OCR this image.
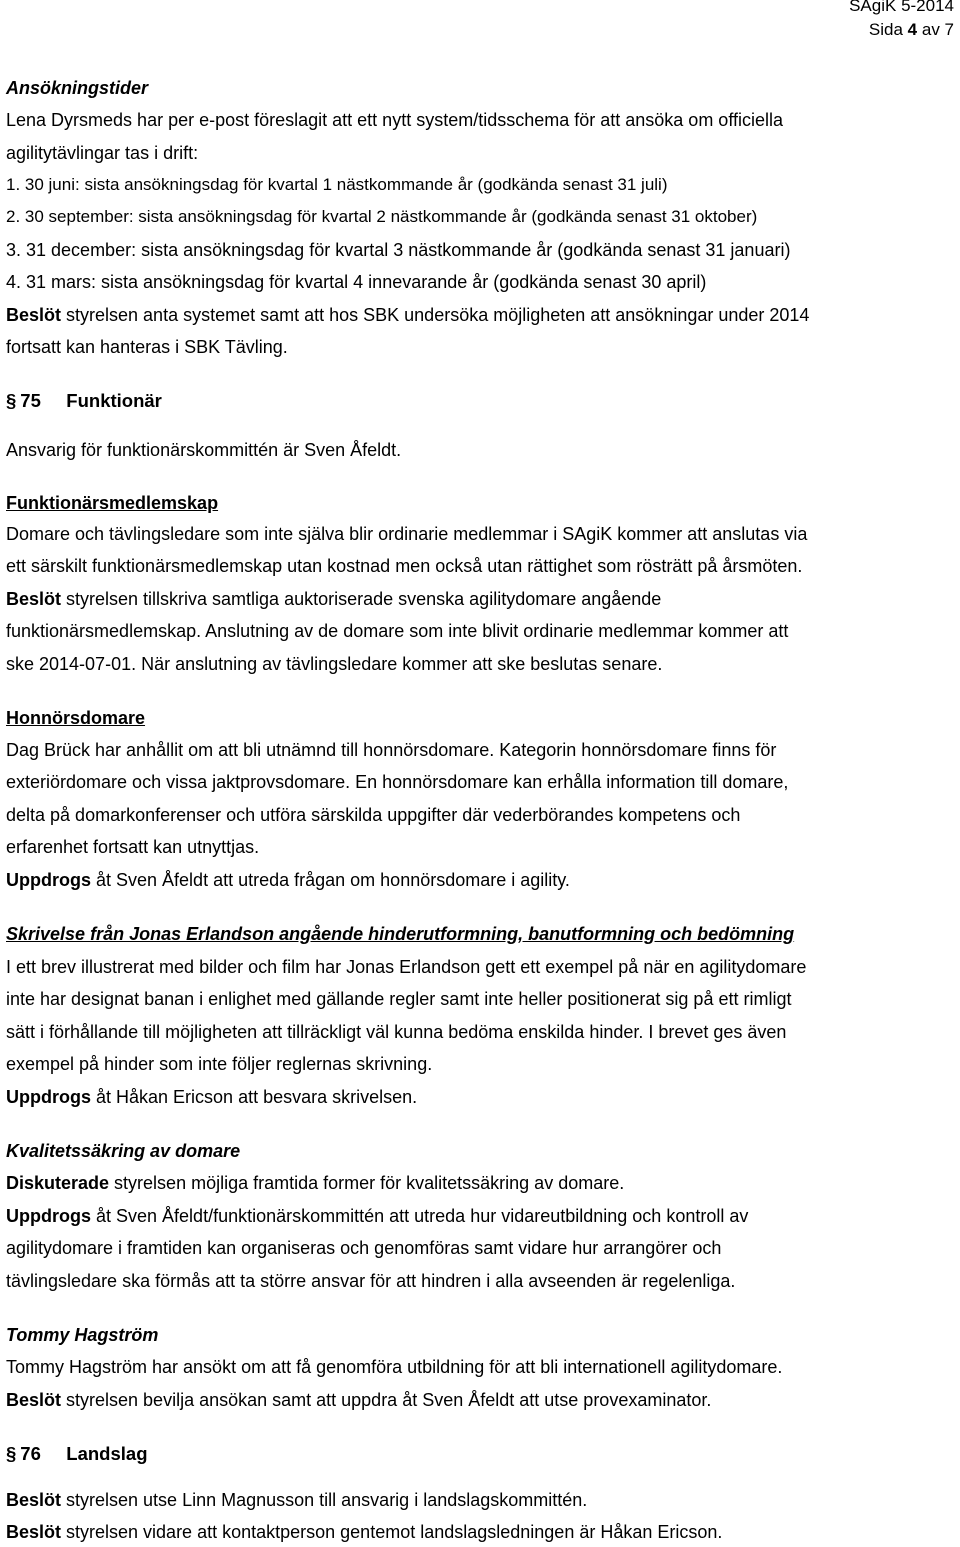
SAgiK 5-2014
Sida 4 av 7
Ansökningstider
Lena Dyrsmeds har per e-post föreslagit att ett nytt system/tidsschema för att ansöka om officiella
agilitytävlingar tas i drift:
1. 30 juni: sista ansökningsdag för kvartal 1 nästkommande år (godkända senast 31 juli)
2. 30 september: sista ansökningsdag för kvartal 2 nästkommande år (godkända senast 31 oktober)
3. 31 december: sista ansökningsdag för kvartal 3 nästkommande år (godkända senast 31 januari)
4. 31 mars: sista ansökningsdag för kvartal 4 innevarande år (godkända senast 30 april)
Beslöt styrelsen anta systemet samt att hos SBK undersöka möjligheten att ansökningar under 2014
fortsatt kan hanteras i SBK Tävling.
§ 75 Funktionär
Ansvarig för funktionärskommittén är Sven Åfeldt.
Funktionärsmedlemskap
Domare och tävlingsledare som inte själva blir ordinarie medlemmar i SAgiK kommer att anslutas via
ett särskilt funktionärsmedlemskap utan kostnad men också utan rättighet som rösträtt på årsmöten.
Beslöt styrelsen tillskriva samtliga auktoriserade svenska agilitydomare angående
funktionärsmedlemskap. Anslutning av de domare som inte blivit ordinarie medlemmar kommer att
ske 2014-07-01. När anslutning av tävlingsledare kommer att ske beslutas senare.
Honnörsdomare
Dag Brück har anhållit om att bli utnämnd till honnörsdomare. Kategorin honnörsdomare finns för
exteriördomare och vissa jaktprovsdomare. En honnörsdomare kan erhålla information till domare,
delta på domarkonferenser och utföra särskilda uppgifter där vederbörandes kompetens och
erfarenhet fortsatt kan utnyttjas.
Uppdrogs åt Sven Åfeldt att utreda frågan om honnörsdomare i agility.
Skrivelse från Jonas Erlandson angående hinderutformning, banutformning och bedömning
I ett brev illustrerat med bilder och film har Jonas Erlandson gett ett exempel på när en agilitydomare
inte har designat banan i enlighet med gällande regler samt inte heller positionerat sig på ett rimligt
sätt i förhållande till möjligheten att tillräckligt väl kunna bedöma enskilda hinder. I brevet ges även
exempel på hinder som inte följer reglernas skrivning.
Uppdrogs åt Håkan Ericson att besvara skrivelsen.
Kvalitetssäkring av domare
Diskuterade styrelsen möjliga framtida former för kvalitetssäkring av domare.
Uppdrogs åt Sven Åfeldt/funktionärskommittén att utreda hur vidareutbildning och kontroll av
agilitydomare i framtiden kan organiseras och genomföras samt vidare hur arrangörer och
tävlingsledare ska förmås att ta större ansvar för att hindren i alla avseenden är regelenliga.
Tommy Hagström
Tommy Hagström har ansökt om att få genomföra utbildning för att bli internationell agilitydomare.
Beslöt styrelsen bevilja ansökan samt att uppdra åt Sven Åfeldt att utse provexaminator.
§ 76 Landslag
Beslöt styrelsen utse Linn Magnusson till ansvarig i landslagskommittén.
Beslöt styrelsen vidare att kontaktperson gentemot landslagsledningen är Håkan Ericson.
